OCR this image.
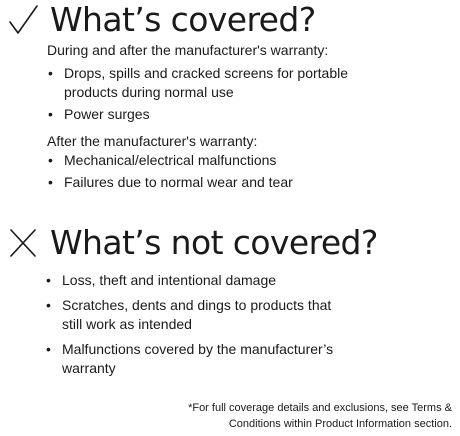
What’s covered?
During and after the manufacturer's warranty:
• Drops, spills and cracked screens for portable products during normal use
• Power surges
After the manufacturer's warranty:
• Mechanical/electrical malfunctions
• Failures due to normal wear and tear
What’s not covered?
• Loss, theft and intentional damage
• Scratches, dents and dings to products that still work as intended
• Malfunctions covered by the manufacturer’s warranty
*For full coverage details and exclusions, see Terms & Conditions within Product Information section.
